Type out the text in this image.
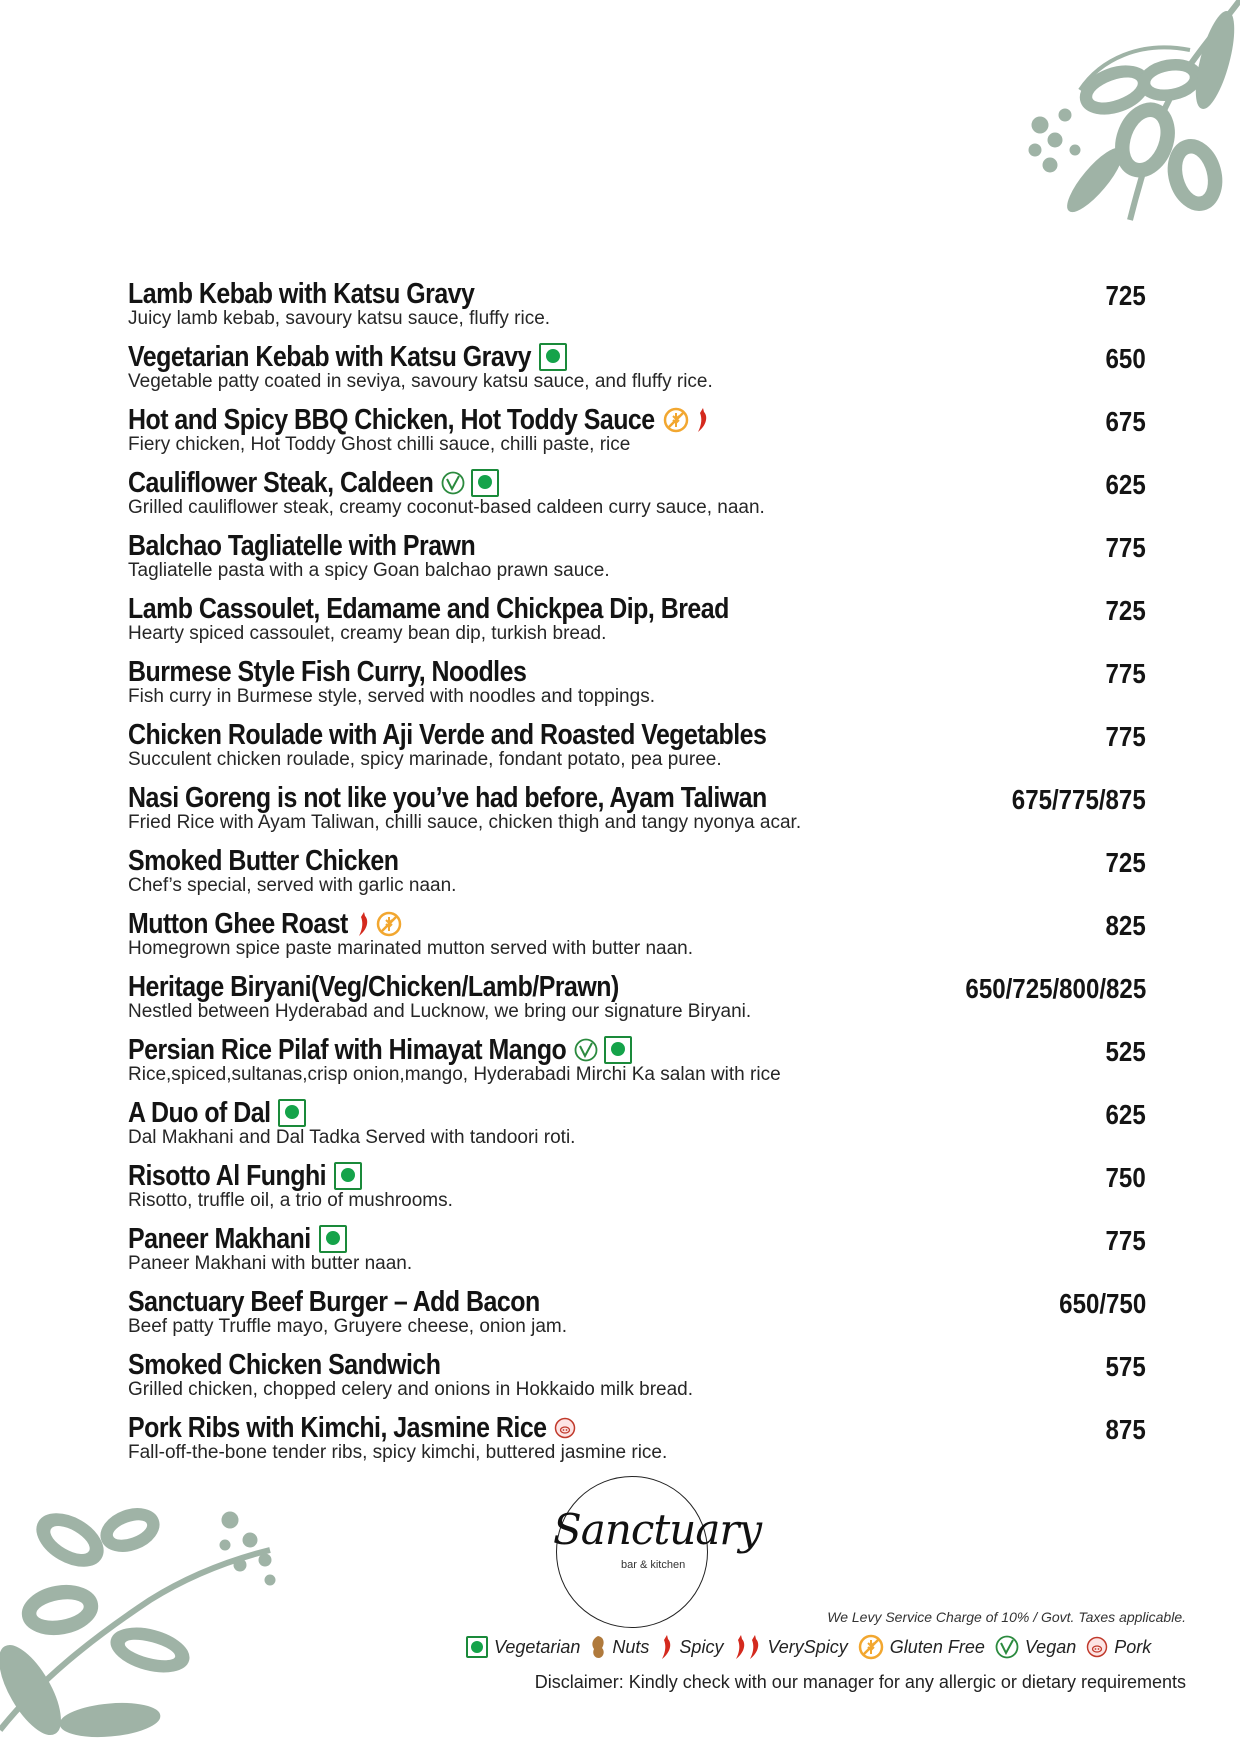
Lamb Kebab with Katsu Gravy
Juicy lamb kebab, savoury katsu sauce, fluffy rice.
725
Vegetarian Kebab with Katsu Gravy
Vegetable patty coated in seviya, savoury katsu sauce, and fluffy rice.
650
Hot and Spicy BBQ Chicken, Hot Toddy Sauce
Fiery chicken, Hot Toddy Ghost chilli sauce, chilli paste, rice
675
Cauliflower Steak, Caldeen
Grilled cauliflower steak, creamy coconut-based caldeen curry sauce, naan.
625
Balchao Tagliatelle with Prawn
Tagliatelle pasta with a spicy Goan balchao prawn sauce.
775
Lamb Cassoulet, Edamame and Chickpea Dip, Bread
Hearty spiced cassoulet, creamy bean dip, turkish bread.
725
Burmese Style Fish Curry, Noodles
Fish curry in Burmese style, served with noodles and toppings.
775
Chicken Roulade with Aji Verde and Roasted Vegetables
Succulent chicken roulade, spicy marinade, fondant potato, pea puree.
775
Nasi Goreng is not like you’ve had before, Ayam Taliwan
Fried Rice with Ayam Taliwan, chilli sauce, chicken thigh and tangy nyonya acar.
675/775/875
Smoked Butter Chicken
Chef’s special, served with garlic naan.
725
Mutton Ghee Roast
Homegrown spice paste marinated mutton served with butter naan.
825
Heritage Biryani(Veg/Chicken/Lamb/Prawn)
Nestled between Hyderabad and Lucknow, we bring our signature Biryani.
650/725/800/825
Persian Rice Pilaf with Himayat Mango
Rice,spiced,sultanas,crisp onion,mango, Hyderabadi Mirchi Ka salan with rice
525
A Duo of Dal
Dal Makhani and Dal Tadka Served with tandoori roti.
625
Risotto Al Funghi
Risotto, truffle oil, a trio of mushrooms.
750
Paneer Makhani
Paneer Makhani with butter naan.
775
Sanctuary Beef Burger – Add Bacon
Beef patty Truffle mayo, Gruyere cheese, onion jam.
650/750
Smoked Chicken Sandwich
Grilled chicken, chopped celery and onions in Hokkaido milk bread.
575
Pork Ribs with Kimchi, Jasmine Rice
Fall-off-the-bone tender ribs, spicy kimchi, buttered jasmine rice.
875
Sanctuary
bar & kitchen
We Levy Service Charge of 10% / Govt. Taxes applicable.
Vegetarian Nuts Spicy VerySpicy Gluten Free Vegan Pork
Disclaimer: Kindly check with our manager for any allergic or dietary requirements
